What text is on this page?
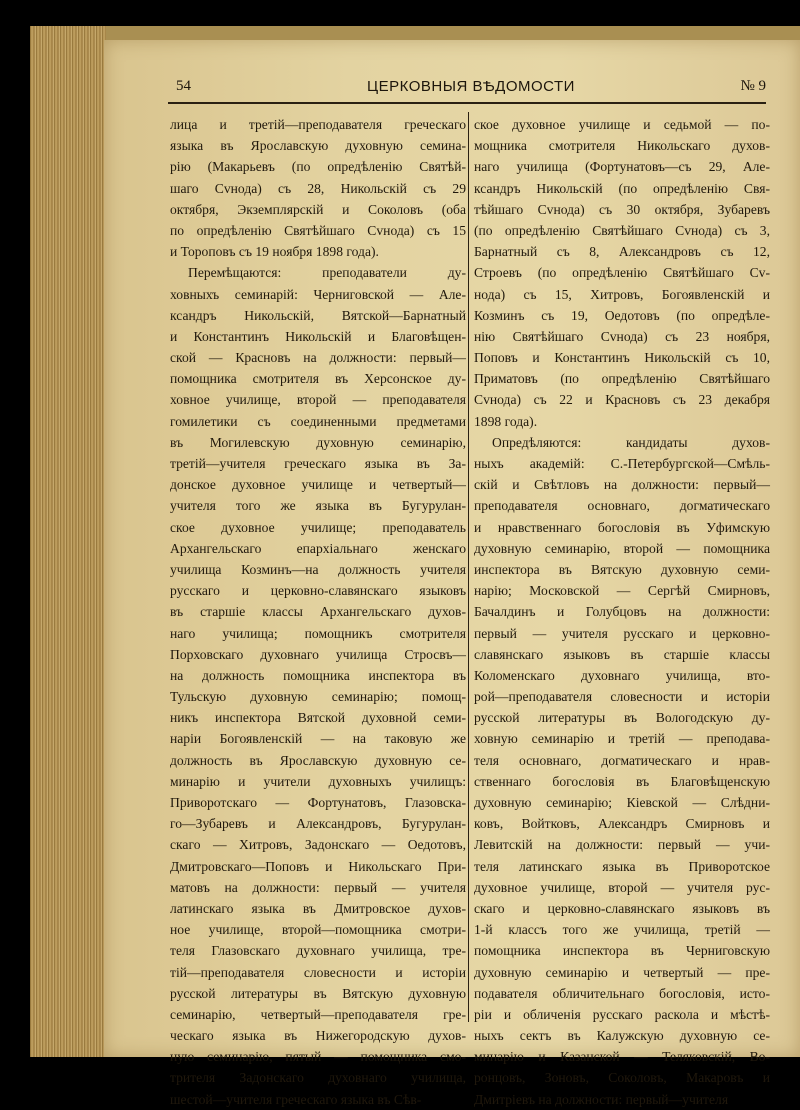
54	ЦЕРКОВНЫЯ ВѢДОМОСТИ	№ 9
лица и третій—преподавателя греческаго
языка въ Ярославскую духовную семина-
рію (Макарьевъ (по опредѣленію Святѣй-
шаго Сvнода) съ 28, Никольскій съ 29
октября, Экземплярскій и Соколовъ (оба
по опредѣленію Святѣйшаго Сvнода) съ 15
и Тороповъ съ 19 ноября 1898 года).
Перемѣщаются: преподаватели ду-
ховныхъ семинарій: Черниговской — Але-
ксандръ Никольскій, Вятской—Барнатный
и Константинъ Никольскій и Благовѣщен-
ской — Красновъ на должности: первый—
помощника смотрителя въ Херсонское ду-
ховное училище, второй — преподавателя
гомилетики съ соединенными предметами
въ Могилевскую духовную семинарію,
третій—учителя греческаго языка въ За-
донское духовное училище и четвертый—
учителя того же языка въ Бугурулан-
ское духовное училище; преподаватель
Архангельскаго епархіальнаго женскаго
училища Козминъ—на должность учителя
русскаго и церковно-славянскаго языковъ
въ старшіе классы Архангельскаго духов-
наго училища; помощникъ смотрителя
Порховскаго духовнаго училища Стросвъ—
на должность помощника инспектора въ
Тульскую духовную семинарію; помощ-
никъ инспектора Вятской духовной семи-
наріи Богоявленскій — на таковую же
должность въ Ярославскую духовную се-
минарію и учители духовныхъ училищъ:
Привоpотскаго — Фортунатовъ, Глазовска-
го—Зубаревъ и Александровъ, Бугурулан-
скаго — Хитровъ, Задонскаго — Оедотовъ,
Дмитровскаго—Поповъ и Никольскаго При-
матовъ на должности: первый — учителя
латинскаго языка въ Дмитровское духов-
ное училище, второй—помощника смотри-
теля Глазовскаго духовнаго училища, тре-
тій—преподавателя словесности и исторіи
русской литературы въ Вятскую духовную
семинарію, четвертый—преподавателя гре-
ческаго языка въ Нижегородскую духов-
ную семинарію, пятый — помощника смо-
трителя Задонскаго духовнаго училища,
шестой—учителя греческаго языка въ Сѣв-
ское духовное училище и седьмой — по-
мощника смотрителя Никольскаго духов-
наго училища (Фортунатовъ—съ 29, Але-
ксандръ Никольскій (по опредѣленію Свя-
тѣйшаго Сvнода) съ 30 октября, Зубаревъ
(по опредѣленію Святѣйшаго Сvнода) съ 3,
Барнатный съ 8, Александровъ съ 12,
Строевъ (по опредѣленію Святѣйшаго Сv-
нода) съ 15, Хитровъ, Богоявленскій и
Козминъ съ 19, Оедотовъ (по опредѣле-
нію Святѣйшаго Сvнода) съ 23 ноября,
Поповъ и Константинъ Никольскій съ 10,
Приматовъ (по опредѣленію Святѣйшаго
Сvнода) съ 22 и Красновъ съ 23 декабря
1898 года).
Опредѣляются: кандидаты духов-
ныхъ академій: С.-Петербургской—Смѣль-
скій и Свѣтловъ на должности: первый—
преподавателя основнаго, догматическаго
и нравственнаго богословія въ Уфимскую
духовную семинарію, второй — помощника
инспектора въ Вятскую духовную семи-
нарію; Московской — Сергѣй Смирновъ,
Бачалдинъ и Голубцовъ на должности:
первый — учителя русскаго и церковно-
славянскаго языковъ въ старшіе классы
Коломенскаго духовнаго училища, вто-
рой—преподавателя словесности и исторіи
русской литературы въ Вологодскую ду-
ховную семинарію и третій — преподава-
теля основнаго, догматическаго и нрав-
ственнаго богословія въ Благовѣщенскую
духовную семинарію; Кіевской — Слѣдни-
ковъ, Войтковъ, Александръ Смирновъ и
Левитскій на должности: первый — учи-
теля латинскаго языка въ Привоpотское
духовное училище, второй — учителя рус-
скаго и церковно-славянскаго языковъ въ
1-й классъ того же училища, третій —
помощника инспектора въ Черниговскую
духовную семинарію и четвертый — пре-
подавателя обличительнаго богословія, исто-
ріи и обличенія русскаго раскола и мѣстѣ-
ныхъ сектъ въ Калужскую духовную се-
минарію и Казанской — Теляковскій, Во-
ронцовъ, Зоновъ, Соколовъ, Макаровъ и
Дмитріевъ на должности: первый—учителя
